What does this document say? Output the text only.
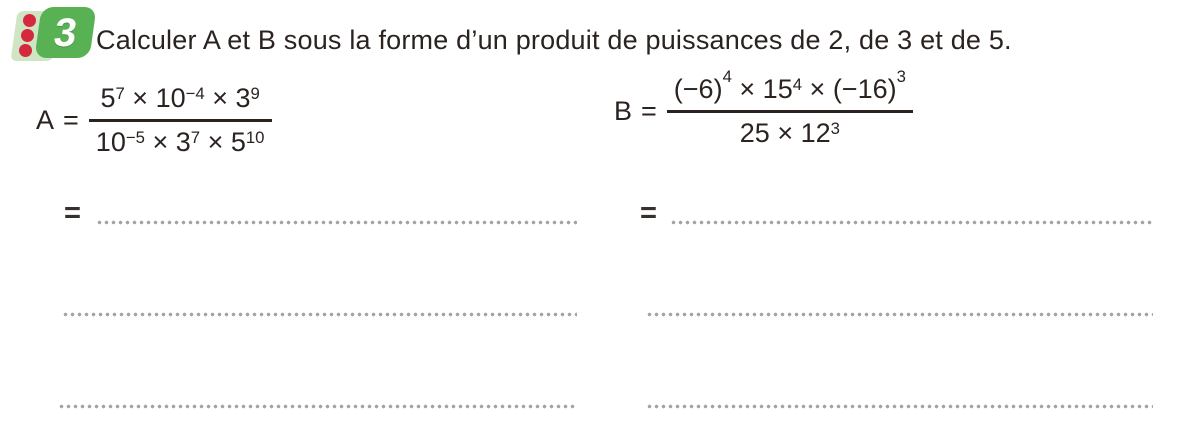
3 Calculer A et B sous la forme d’un produit de puissances de 2, de 3 et de 5.
$A = \frac{5^7 \times 10^{-4} \times 3^9}{10^{-5} \times 3^7 \times 5^{10}}$	$B = \frac{(-6)^4 \times 15^4 \times (-16)^3}{25 \times 12^3}$
=	=
